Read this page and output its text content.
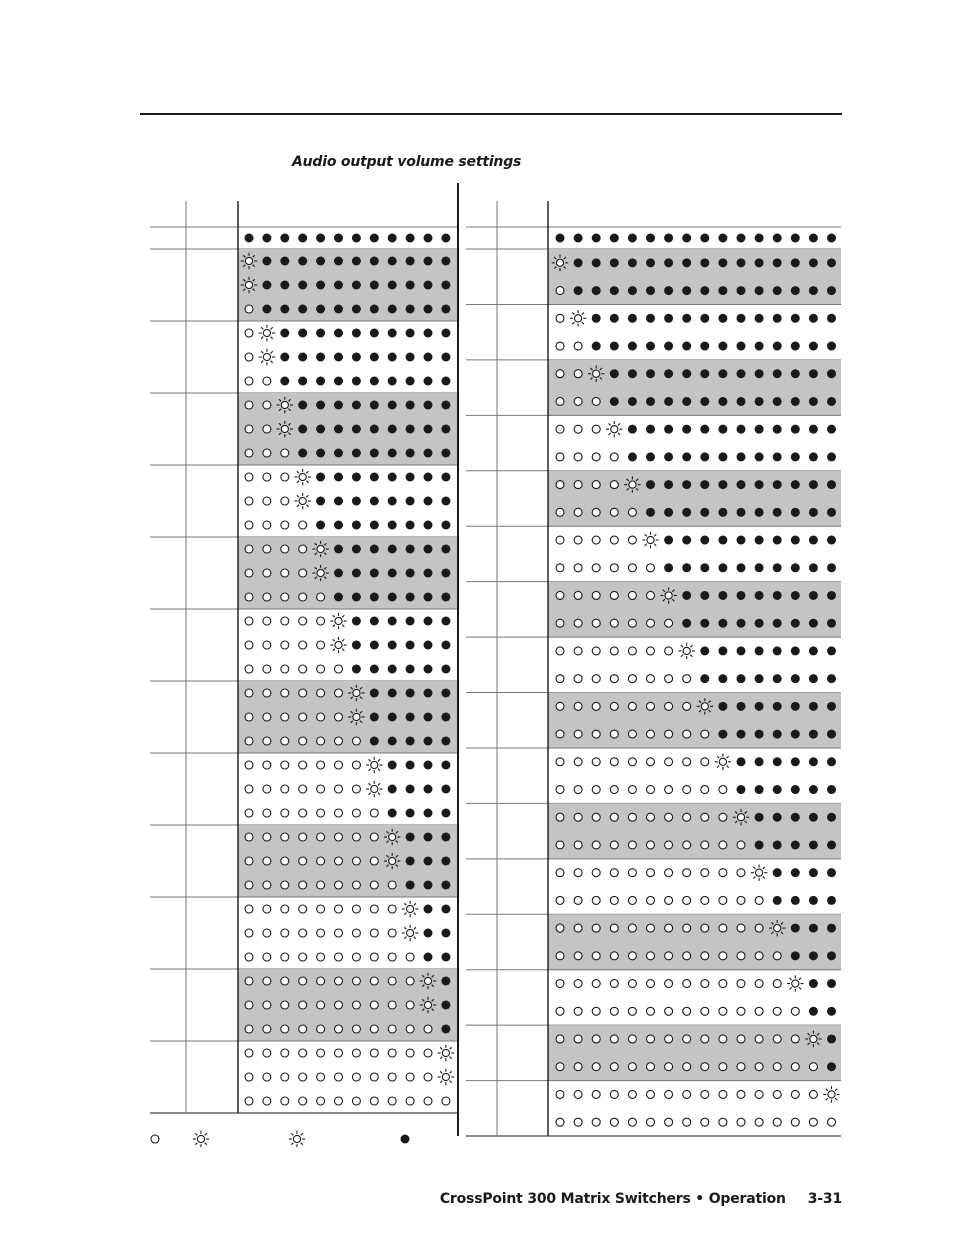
Audio output volume settings
CrossPoint 300 Matrix Switchers • Operation 3-31
